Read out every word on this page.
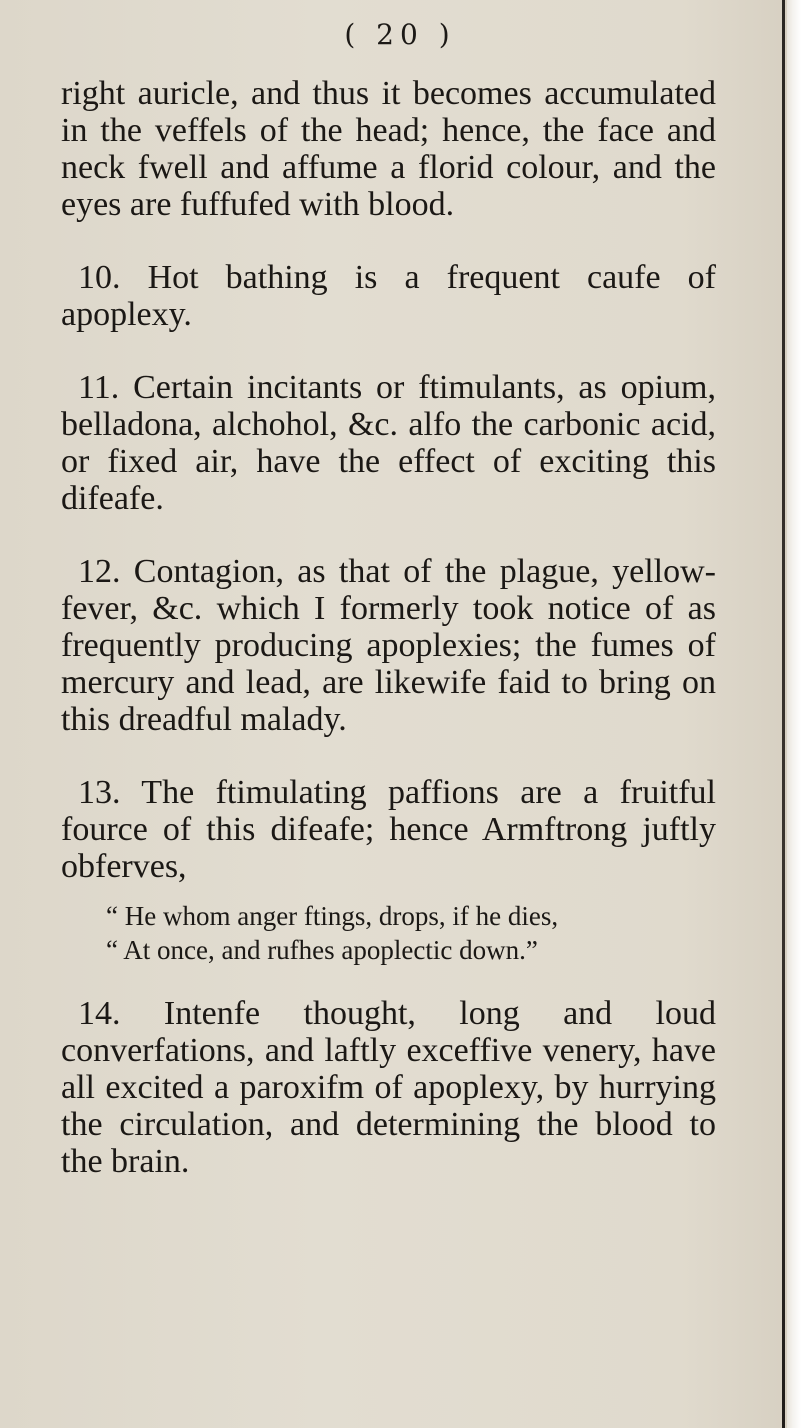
( 20 )

right auricle, and thus it becomes accumulated in the veffels of the head; hence, the face and neck fwell and affume a florid colour, and the eyes are fuffufed with blood.

10. Hot bathing is a frequent caufe of apoplexy.

11. Certain incitants or ftimulants, as opium, belladona, alchohol, &c. alfo the carbonic acid, or fixed air, have the effect of exciting this difeafe.

12. Contagion, as that of the plague, yellow-fever, &c. which I formerly took notice of as frequently producing apoplexies; the fumes of mercury and lead, are likewife faid to bring on this dreadful malady.

13. The ftimulating paffions are a fruitful fource of this difeafe; hence Armftrong juftly obferves,

“ He whom anger ftings, drops, if he dies,
“ At once, and rufhes apoplectic down.”

14. Intenfe thought, long and loud converfations, and laftly exceffive venery, have all excited a paroxifm of apoplexy, by hurrying the circulation, and determining the blood to the brain.
